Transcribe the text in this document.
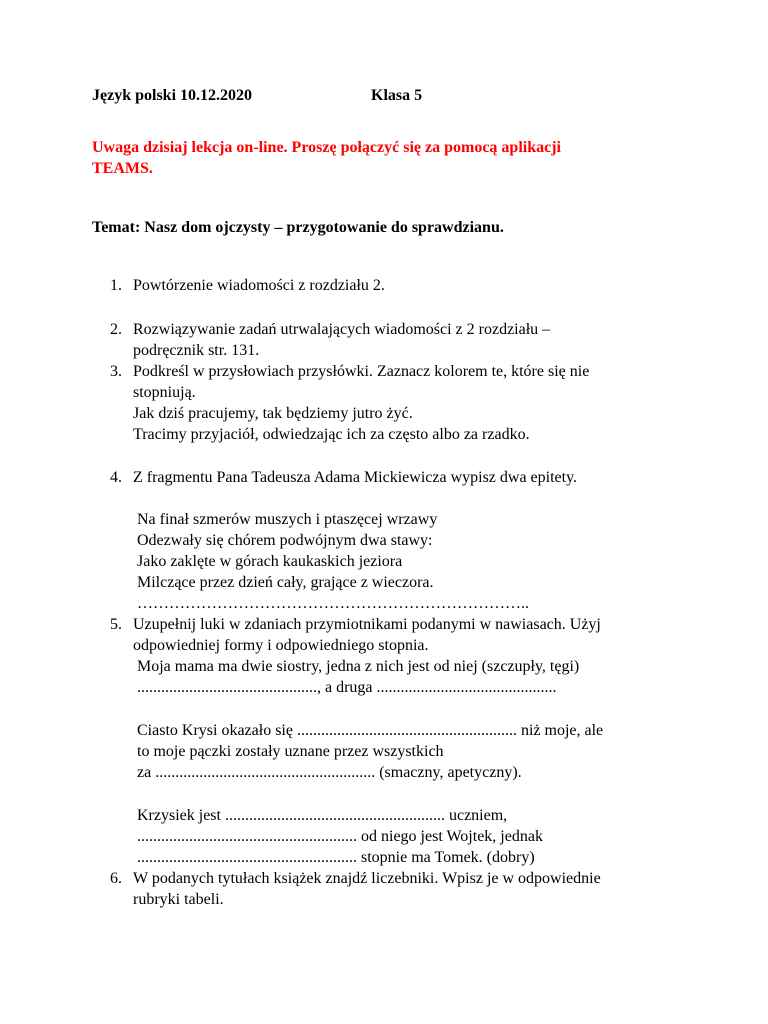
Język polski 10.12.2020	Klasa 5
Uwaga dzisiaj lekcja on-line. Proszę połączyć się za pomocą aplikacji
TEAMS.
Temat: Nasz dom ojczysty – przygotowanie do sprawdzianu.
1. Powtórzenie wiadomości z rozdziału 2.
2. Rozwiązywanie zadań utrwalających wiadomości z 2 rozdziału –
podręcznik str. 131.
3. Podkreśl w przysłowiach przysłówki. Zaznacz kolorem te, które się nie
stopniują.
Jak dziś pracujemy, tak będziemy jutro żyć.
Tracimy przyjaciół, odwiedzając ich za często albo za rzadko.
4. Z fragmentu Pana Tadeusza Adama Mickiewicza wypisz dwa epitety.
Na finał szmerów muszych i ptaszęcej wrzawy
Odezwały się chórem podwójnym dwa stawy:
Jako zaklęte w górach kaukaskich jeziora
Milczące przez dzień cały, grające z wieczora.
………………………………………………………………..
5. Uzupełnij luki w zdaniach przymiotnikami podanymi w nawiasach. Użyj
odpowiedniej formy i odpowiedniego stopnia.
Moja mama ma dwie siostry, jedna z nich jest od niej (szczupły, tęgi)
............................................., a druga .............................................
Ciasto Krysi okazało się ....................................................... niż moje, ale
to moje pączki zostały uznane przez wszystkich
za ....................................................... (smaczny, apetyczny).
Krzysiek jest ....................................................... uczniem,
....................................................... od niego jest Wojtek, jednak
....................................................... stopnie ma Tomek. (dobry)
6. W podanych tytułach książek znajdź liczebniki. Wpisz je w odpowiednie
rubryki tabeli.
